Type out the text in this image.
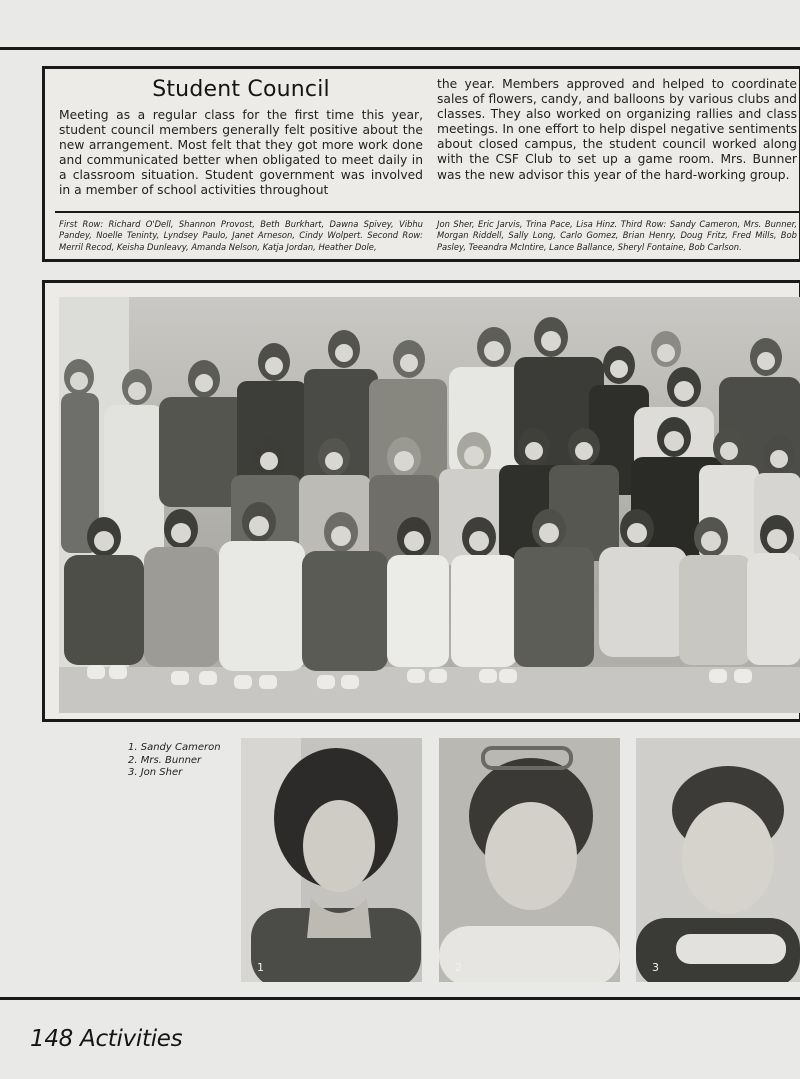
Student Council

Meeting as a regular class for the first time this year, student council members generally felt positive about the new arrangement. Most felt that they got more work done and communicated better when obligated to meet daily in a classroom situation. Student government was involved in a member of school activities throughout

the year. Members approved and helped to coordinate sales of flowers, candy, and balloons by various clubs and classes. They also worked on organizing rallies and class meetings. In one effort to help dispel negative sentiments about closed campus, the student council worked along with the CSF Club to set up a game room. Mrs. Bunner was the new advisor this year of the hard-working group.

First Row: Richard O'Dell, Shannon Provost, Beth Burkhart, Dawna Spivey, Vibhu Pandey, Noelle Teninty, Lyndsey Paulo, Janet Arneson, Cindy Wolpert. Second Row: Merril Recod, Keisha Dunleavy, Amanda Nelson, Katja Jordan, Heather Dole,
Jon Sher, Eric Jarvis, Trina Pace, Lisa Hinz. Third Row: Sandy Cameron, Mrs. Bunner, Morgan Riddell, Sally Long, Carlo Gomez, Brian Henry, Doug Fritz, Fred Mills, Bob Pasley, Teeandra McIntire, Lance Ballance, Sheryl Fontaine, Bob Carlson.
1. Sandy Cameron
2. Mrs. Bunner
3. Jon Sher
1	2	3
148 Activities
